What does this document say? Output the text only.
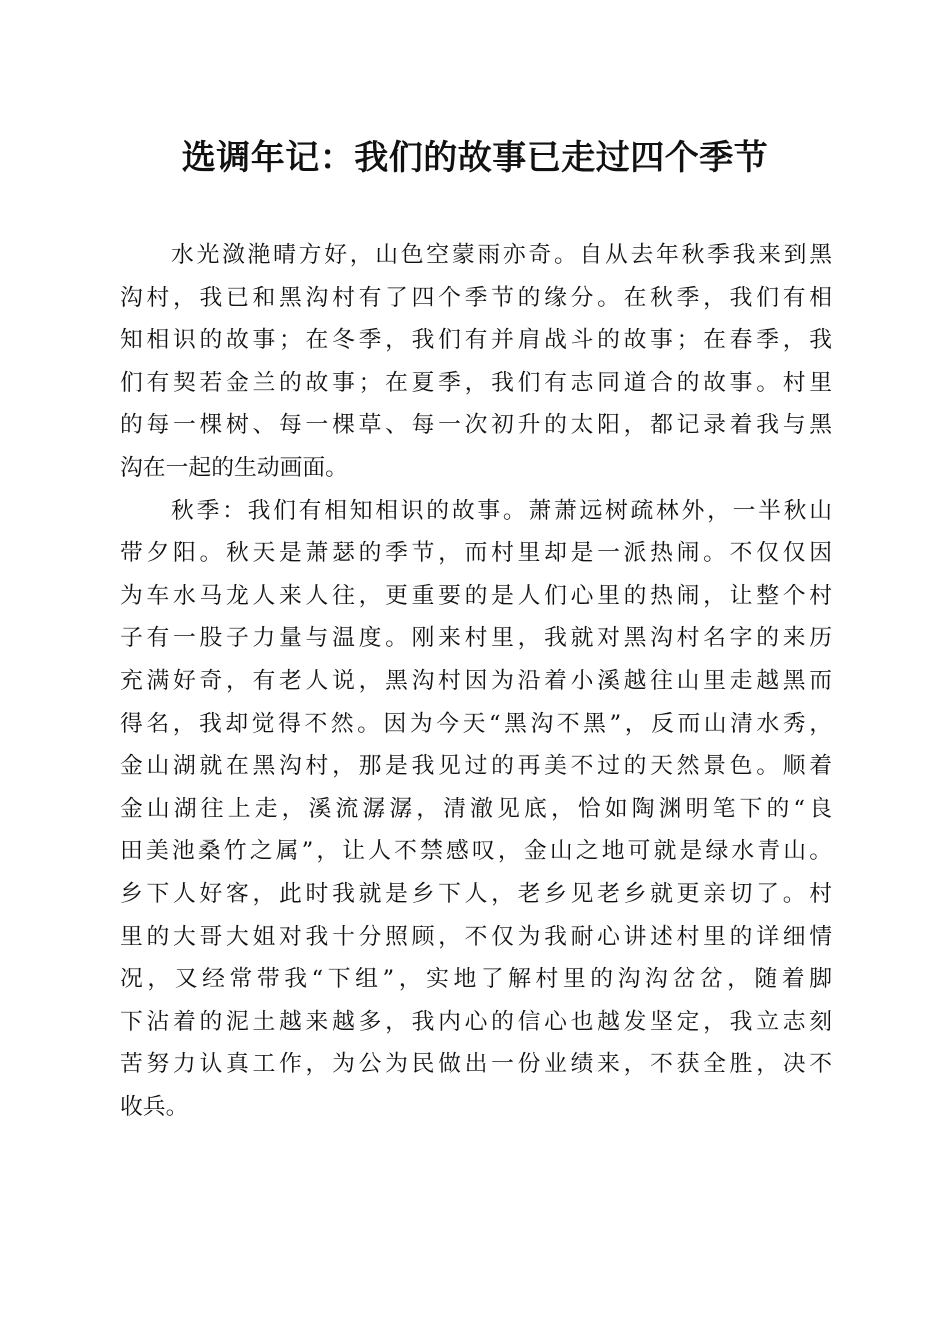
选调年记：我们的故事已走过四个季节
　　水光潋滟晴方好，山色空蒙雨亦奇。自从去年秋季我来到黑
沟村，我已和黑沟村有了四个季节的缘分。在秋季，我们有相
知相识的故事；在冬季，我们有并肩战斗的故事；在春季，我
们有契若金兰的故事；在夏季，我们有志同道合的故事。村里
的每一棵树、每一棵草、每一次初升的太阳，都记录着我与黑
沟在一起的生动画面。
　　秋季：我们有相知相识的故事。萧萧远树疏林外，一半秋山
带夕阳。秋天是萧瑟的季节，而村里却是一派热闹。不仅仅因
为车水马龙人来人往，更重要的是人们心里的热闹，让整个村
子有一股子力量与温度。刚来村里，我就对黑沟村名字的来历
充满好奇，有老人说，黑沟村因为沿着小溪越往山里走越黑而
得名，我却觉得不然。因为今天“黑沟不黑”，反而山清水秀，
金山湖就在黑沟村，那是我见过的再美不过的天然景色。顺着
金山湖往上走，溪流潺潺，清澈见底，恰如陶渊明笔下的“良
田美池桑竹之属”，让人不禁感叹，金山之地可就是绿水青山。
乡下人好客，此时我就是乡下人，老乡见老乡就更亲切了。村
里的大哥大姐对我十分照顾，不仅为我耐心讲述村里的详细情
况，又经常带我“下组”，实地了解村里的沟沟岔岔，随着脚
下沾着的泥土越来越多，我内心的信心也越发坚定，我立志刻
苦努力认真工作，为公为民做出一份业绩来，不获全胜，决不
收兵。
